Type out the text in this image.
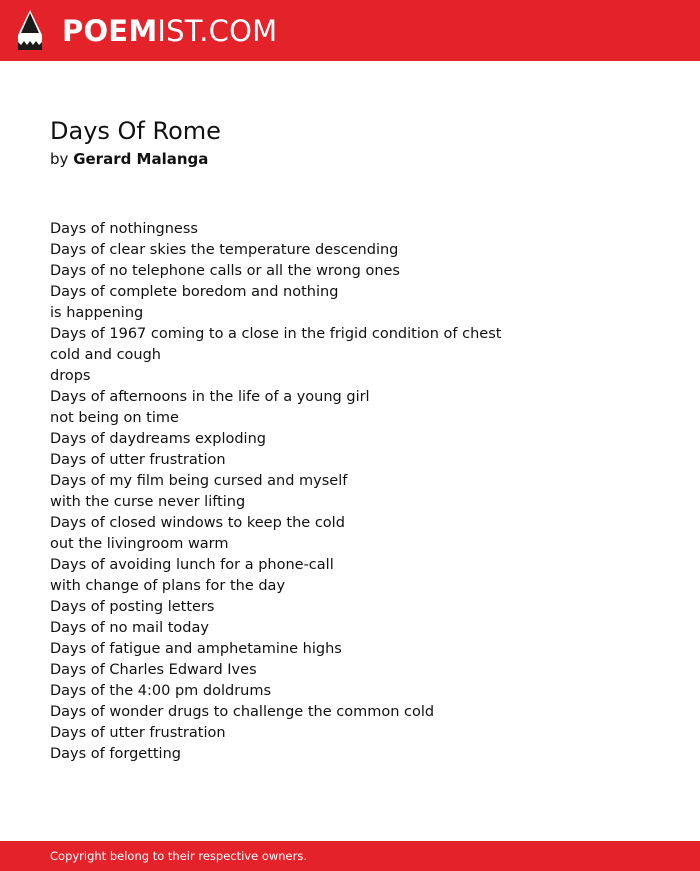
POEMIST.COM
Days Of Rome
by Gerard Malanga
Days of nothingness
Days of clear skies the temperature descending
Days of no telephone calls or all the wrong ones
Days of complete boredom and nothing
is happening
Days of 1967 coming to a close in the frigid condition of chest
cold and cough
drops
Days of afternoons in the life of a young girl
not being on time
Days of daydreams exploding
Days of utter frustration
Days of my film being cursed and myself
with the curse never lifting
Days of closed windows to keep the cold
out the livingroom warm
Days of avoiding lunch for a phone-call
with change of plans for the day
Days of posting letters
Days of no mail today
Days of fatigue and amphetamine highs
Days of Charles Edward Ives
Days of the 4:00 pm doldrums
Days of wonder drugs to challenge the common cold
Days of utter frustration
Days of forgetting
Copyright belong to their respective owners.
